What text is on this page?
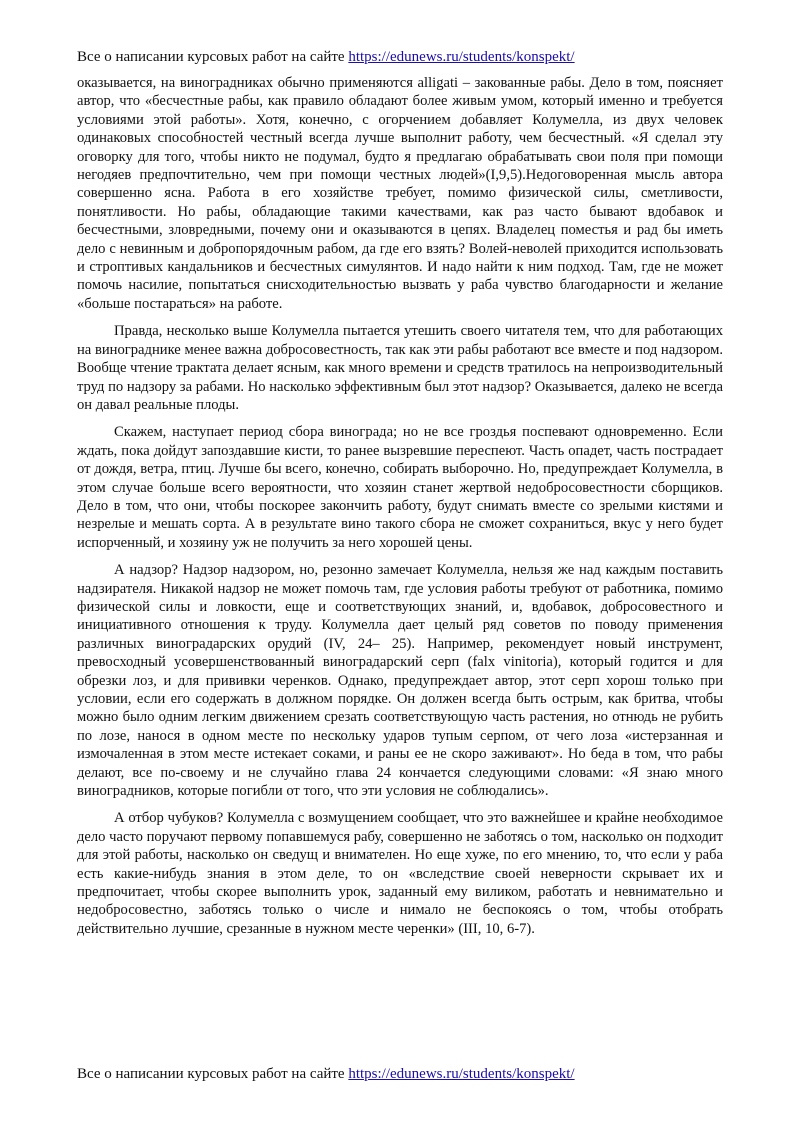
Все о написании курсовых работ на сайте https://edunews.ru/students/konspekt/

оказывается, на виноградниках обычно применяются alligati – закованные рабы. Дело в том, поясняет автор, что «бесчестные рабы, как правило обладают более живым умом, который именно и требуется условиями этой работы». Хотя, конечно, с огорчением добавляет Колумелла, из двух человек одинаковых способностей честный всегда лучше выполнит работу, чем бесчестный. «Я сделал эту оговорку для того, чтобы никто не подумал, будто я предлагаю обрабатывать свои поля при помощи негодяев предпочтительно, чем при помощи честных людей»(I,9,5).Недоговоренная мысль автора совершенно ясна. Работа в его хозяйстве требует, помимо физической силы, сметливости, понятливости. Но рабы, обладающие такими качествами, как раз часто бывают вдобавок и бесчестными, зловредными, почему они и оказываются в цепях. Владелец поместья и рад бы иметь дело с невинным и добропорядочным рабом, да где его взять? Волей-неволей приходится использовать и строптивых кандальников и бесчестных симулянтов. И надо найти к ним подход. Там, где не может помочь насилие, попытаться снисходительностью вызвать у раба чувство благодарности и желание «больше постараться» на работе.

Правда, несколько выше Колумелла пытается утешить своего читателя тем, что для работающих на винограднике менее важна добросовестность, так как эти рабы работают все вместе и под надзором. Вообще чтение трактата делает ясным, как много времени и средств тратилось на непроизводительный труд по надзору за рабами. Но насколько эффективным был этот надзор? Оказывается, далеко не всегда он давал реальные плоды.

Скажем, наступает период сбора винограда; но не все гроздья поспевают одновременно. Если ждать, пока дойдут запоздавшие кисти, то ранее вызревшие переспеют. Часть опадет, часть пострадает от дождя, ветра, птиц. Лучше бы всего, конечно, собирать выборочно. Но, предупреждает Колумелла, в этом случае больше всего вероятности, что хозяин станет жертвой недобросовестности сборщиков. Дело в том, что они, чтобы поскорее закончить работу, будут снимать вместе со зрелыми кистями и незрелые и мешать сорта. А в результате вино такого сбора не сможет сохраниться, вкус у него будет испорченный, и хозяину уж не получить за него хорошей цены.

А надзор? Надзор надзором, но, резонно замечает Колумелла, нельзя же над каждым поставить надзирателя. Никакой надзор не может помочь там, где условия работы требуют от работника, помимо физической силы и ловкости, еще и соответствующих знаний, и, вдобавок, добросовестного и инициативного отношения к труду. Колумелла дает целый ряд советов по поводу применения различных виноградарских орудий (IV, 24– 25). Например, рекомендует новый инструмент, превосходный усовершенствованный виноградарский серп (falx vinitoria), который годится и для обрезки лоз, и для прививки черенков. Однако, предупреждает автор, этот серп хорош только при условии, если его содержать в должном порядке. Он должен всегда быть острым, как бритва, чтобы можно было одним легким движением срезать соответствующую часть растения, но отнюдь не рубить по лозе, нанося в одном месте по нескольку ударов тупым серпом, от чего лоза «истерзанная и измочаленная в этом месте истекает соками, и раны ее не скоро заживают». Но беда в том, что рабы делают, все по-своему и не случайно глава 24 кончается следующими словами: «Я знаю много виноградников, которые погибли от того, что эти условия не соблюдались».

А отбор чубуков? Колумелла с возмущением сообщает, что это важнейшее и крайне необходимое дело часто поручают первому попавшемуся рабу, совершенно не заботясь о том, насколько он подходит для этой работы, насколько он сведущ и внимателен. Но еще хуже, по его мнению, то, что если у раба есть какие-нибудь знания в этом деле, то он «вследствие своей неверности скрывает их и предпочитает, чтобы скорее выполнить урок, заданный ему виликом, работать и невнимательно и недобросовестно, заботясь только о числе и нимало не беспокоясь о том, чтобы отобрать действительно лучшие, срезанные в нужном месте черенки» (III, 10, 6-7).

Все о написании курсовых работ на сайте https://edunews.ru/students/konspekt/
